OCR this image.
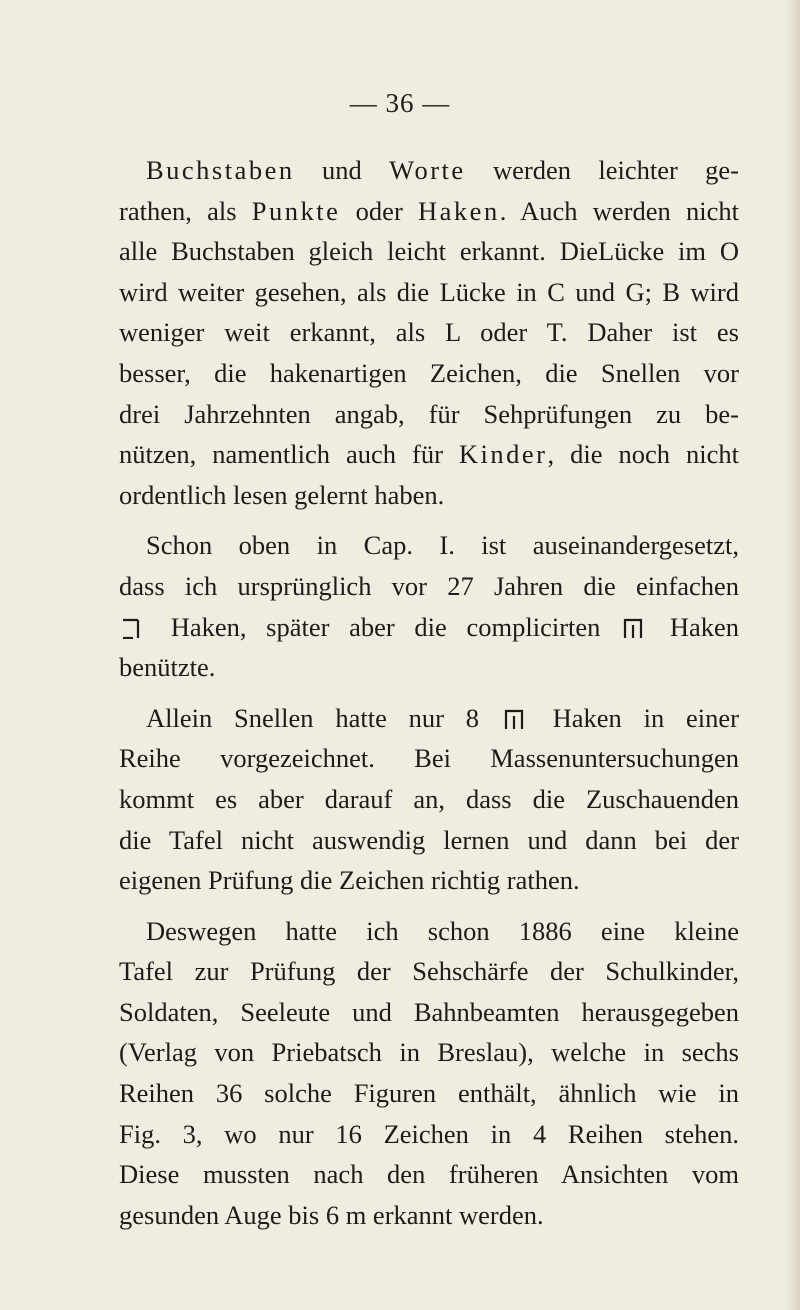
— 36 —
Buchstaben und Worte werden leichter ge-
rathen, als Punkte oder Haken. Auch werden nicht
alle Buchstaben gleich leicht erkannt. DieLücke im O
wird weiter gesehen, als die Lücke in C und G; B wird
weniger weit erkannt, als L oder T. Daher ist es
besser, die hakenartigen Zeichen, die Snellen vor
drei Jahrzehnten angab, für Sehprüfungen zu be-
nützen, namentlich auch für Kinder, die noch nicht
ordentlich lesen gelernt haben.
Schon oben in Cap. I. ist auseinandergesetzt,
dass ich ursprünglich vor 27 Jahren die einfachen
Haken, später aber die complicirten
Haken
benützte.
Allein Snellen hatte nur 8
Haken in einer
Reihe vorgezeichnet. Bei Massenuntersuchungen
kommt es aber darauf an, dass die Zuschauenden
die Tafel nicht auswendig lernen und dann bei der
eigenen Prüfung die Zeichen richtig rathen.
Deswegen hatte ich schon 1886 eine kleine
Tafel zur Prüfung der Sehschärfe der Schulkinder,
Soldaten, Seeleute und Bahnbeamten herausgegeben
(Verlag von Priebatsch in Breslau), welche in sechs
Reihen 36 solche Figuren enthält, ähnlich wie in
Fig. 3, wo nur 16 Zeichen in 4 Reihen stehen.
Diese mussten nach den früheren Ansichten vom
gesunden Auge bis 6 m erkannt werden.
